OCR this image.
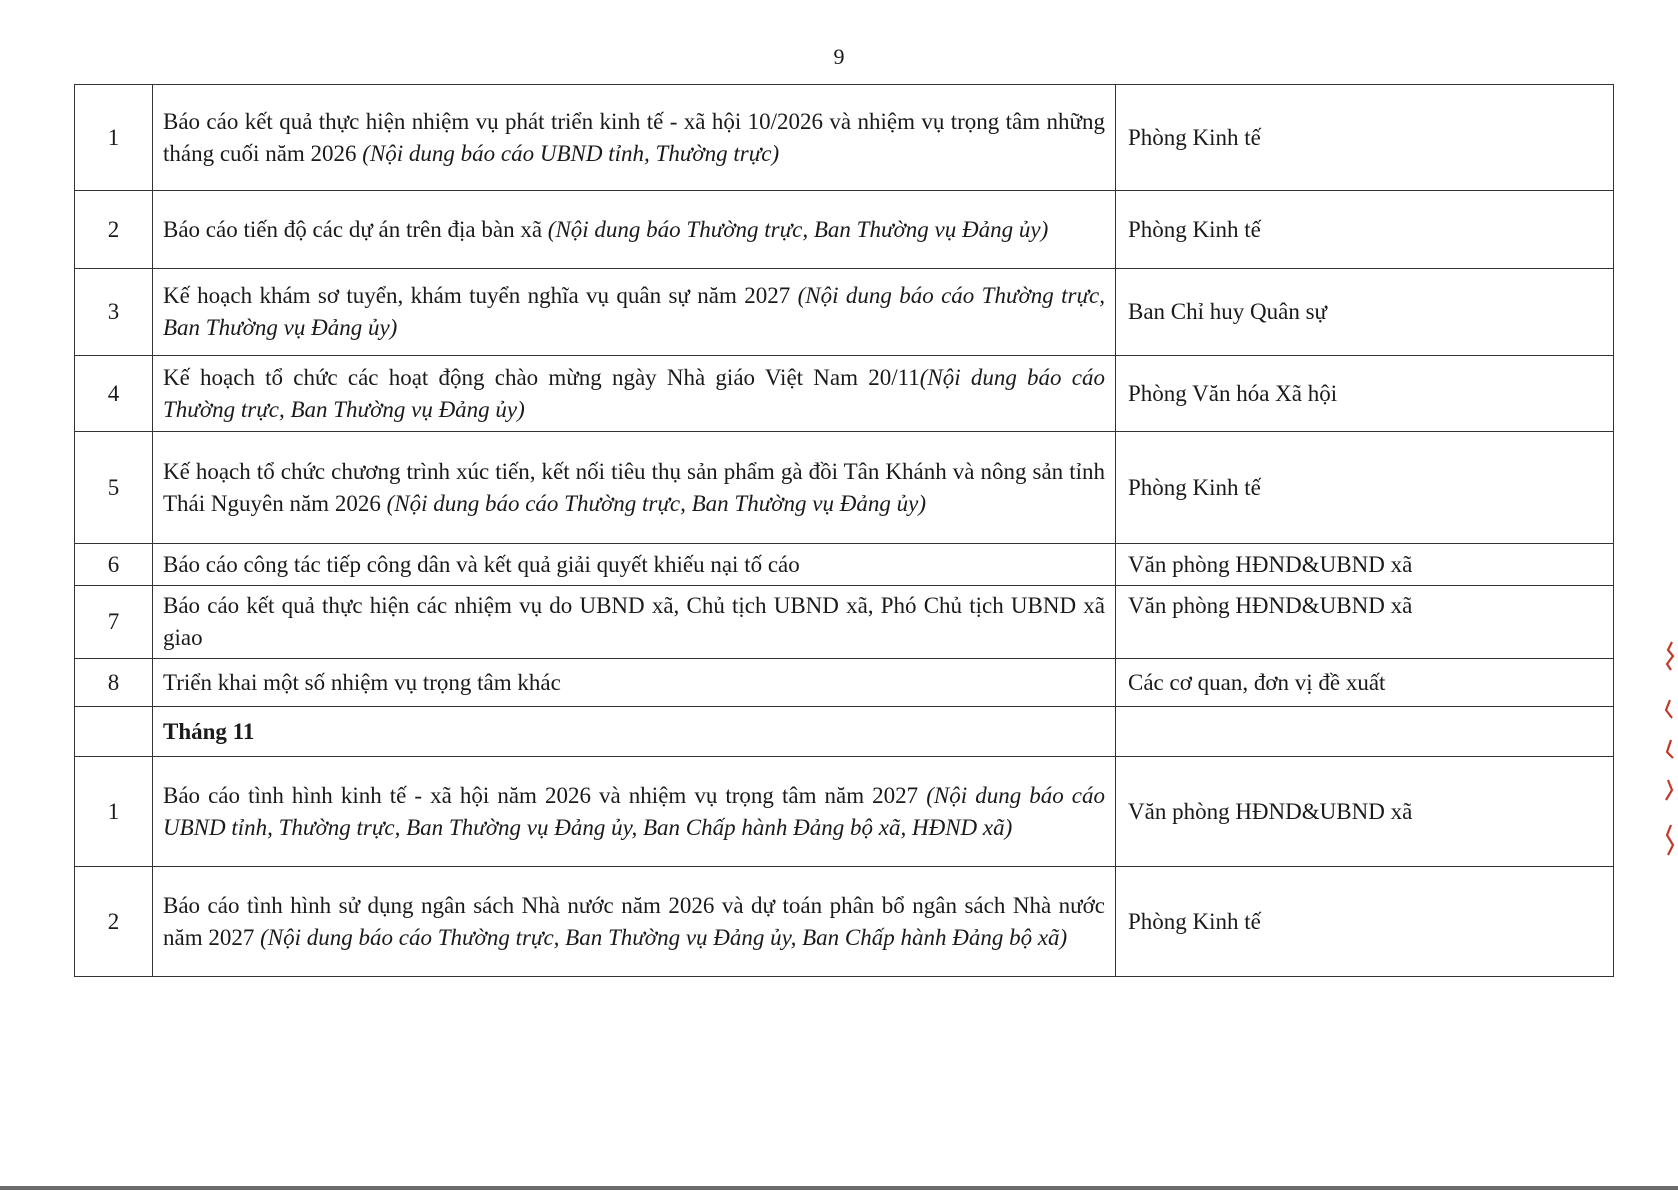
9
1	Báo cáo kết quả thực hiện nhiệm vụ phát triển kinh tế - xã hội 10/2026 và nhiệm vụ trọng tâm những tháng cuối năm 2026 (Nội dung báo cáo UBND tỉnh, Thường trực)	Phòng Kinh tế
2	Báo cáo tiến độ các dự án trên địa bàn xã (Nội dung báo Thường trực, Ban Thường vụ Đảng ủy)	Phòng Kinh tế
3	Kế hoạch khám sơ tuyển, khám tuyển nghĩa vụ quân sự năm 2027 (Nội dung báo cáo Thường trực, Ban Thường vụ Đảng ủy)	Ban Chỉ huy Quân sự
4	Kế hoạch tổ chức các hoạt động chào mừng ngày Nhà giáo Việt Nam 20/11(Nội dung báo cáo Thường trực, Ban Thường vụ Đảng ủy)	Phòng Văn hóa Xã hội
5	Kế hoạch tổ chức chương trình xúc tiến, kết nối tiêu thụ sản phẩm gà đồi Tân Khánh và nông sản tỉnh Thái Nguyên năm 2026 (Nội dung báo cáo Thường trực, Ban Thường vụ Đảng ủy)	Phòng Kinh tế
6	Báo cáo công tác tiếp công dân và kết quả giải quyết khiếu nại tố cáo	Văn phòng HĐND&UBND xã
7	Báo cáo kết quả thực hiện các nhiệm vụ do UBND xã, Chủ tịch UBND xã, Phó Chủ tịch UBND xã giao	Văn phòng HĐND&UBND xã
8	Triển khai một số nhiệm vụ trọng tâm khác	Các cơ quan, đơn vị đề xuất
	Tháng 11	
1	Báo cáo tình hình kinh tế - xã hội năm 2026 và nhiệm vụ trọng tâm năm 2027 (Nội dung báo cáo UBND tỉnh, Thường trực, Ban Thường vụ Đảng ủy, Ban Chấp hành Đảng bộ xã, HĐND xã)	Văn phòng HĐND&UBND xã
2	Báo cáo tình hình sử dụng ngân sách Nhà nước năm 2026 và dự toán phân bổ ngân sách Nhà nước năm 2027 (Nội dung báo cáo Thường trực, Ban Thường vụ Đảng ủy, Ban Chấp hành Đảng bộ xã)	Phòng Kinh tế
